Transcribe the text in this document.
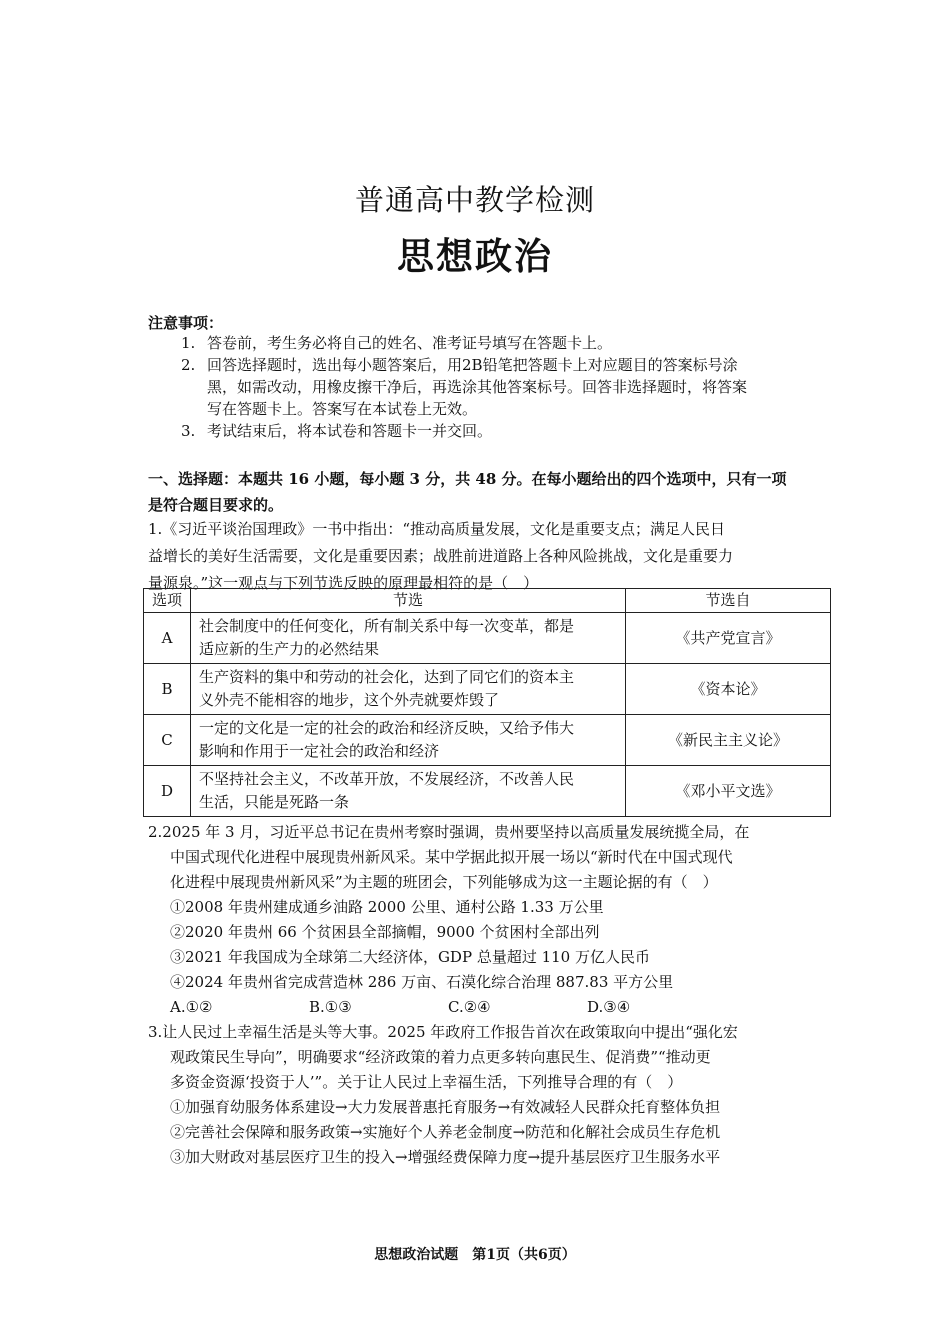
普通高中教学检测
思想政治
注意事项：
1. 答卷前，考生务必将自己的姓名、准考证号填写在答题卡上。
2. 回答选择题时，选出每小题答案后，用2B铅笔把答题卡上对应题目的答案标号涂
黑，如需改动，用橡皮擦干净后，再选涂其他答案标号。回答非选择题时，将答案
写在答题卡上。答案写在本试卷上无效。
3. 考试结束后，将本试卷和答题卡一并交回。
一、选择题：本题共 16 小题，每小题 3 分，共 48 分。在每小题给出的四个选项中，只有一项
是符合题目要求的。
1.《习近平谈治国理政》一书中指出：“推动高质量发展，文化是重要支点；满足人民日
益增长的美好生活需要，文化是重要因素；战胜前进道路上各种风险挑战，文化是重要力
量源泉。”这一观点与下列节选反映的原理最相符的是（　）
选项	节选	节选自
A	社会制度中的任何变化，所有制关系中每一次变革，都是
适应新的生产力的必然结果	《共产党宣言》
B	生产资料的集中和劳动的社会化，达到了同它们的资本主
义外壳不能相容的地步，这个外壳就要炸毁了	《资本论》
C	一定的文化是一定的社会的政治和经济反映，又给予伟大
影响和作用于一定社会的政治和经济	《新民主主义论》
D	不坚持社会主义，不改革开放，不发展经济，不改善人民
生活，只能是死路一条	《邓小平文选》
2.2025 年 3 月，习近平总书记在贵州考察时强调，贵州要坚持以高质量发展统揽全局，在
中国式现代化进程中展现贵州新风采。某中学据此拟开展一场以“新时代在中国式现代
化进程中展现贵州新风采”为主题的班团会，下列能够成为这一主题论据的有（　）
①2008 年贵州建成通乡油路 2000 公里、通村公路 1.33 万公里
②2020 年贵州 66 个贫困县全部摘帽，9000 个贫困村全部出列
③2021 年我国成为全球第二大经济体，GDP 总量超过 110 万亿人民币
④2024 年贵州省完成营造林 286 万亩、石漠化综合治理 887.83 平方公里
A.①②	B.①③	C.②④	D.③④
3.让人民过上幸福生活是头等大事。2025 年政府工作报告首次在政策取向中提出“强化宏
观政策民生导向”，明确要求“经济政策的着力点更多转向惠民生、促消费”“推动更
多资金资源‘投资于人’”。关于让人民过上幸福生活，下列推导合理的有（　）
①加强育幼服务体系建设→大力发展普惠托育服务→有效减轻人民群众托育整体负担
②完善社会保障和服务政策→实施好个人养老金制度→防范和化解社会成员生存危机
③加大财政对基层医疗卫生的投入→增强经费保障力度→提升基层医疗卫生服务水平
思想政治试题　第1页（共6页）
